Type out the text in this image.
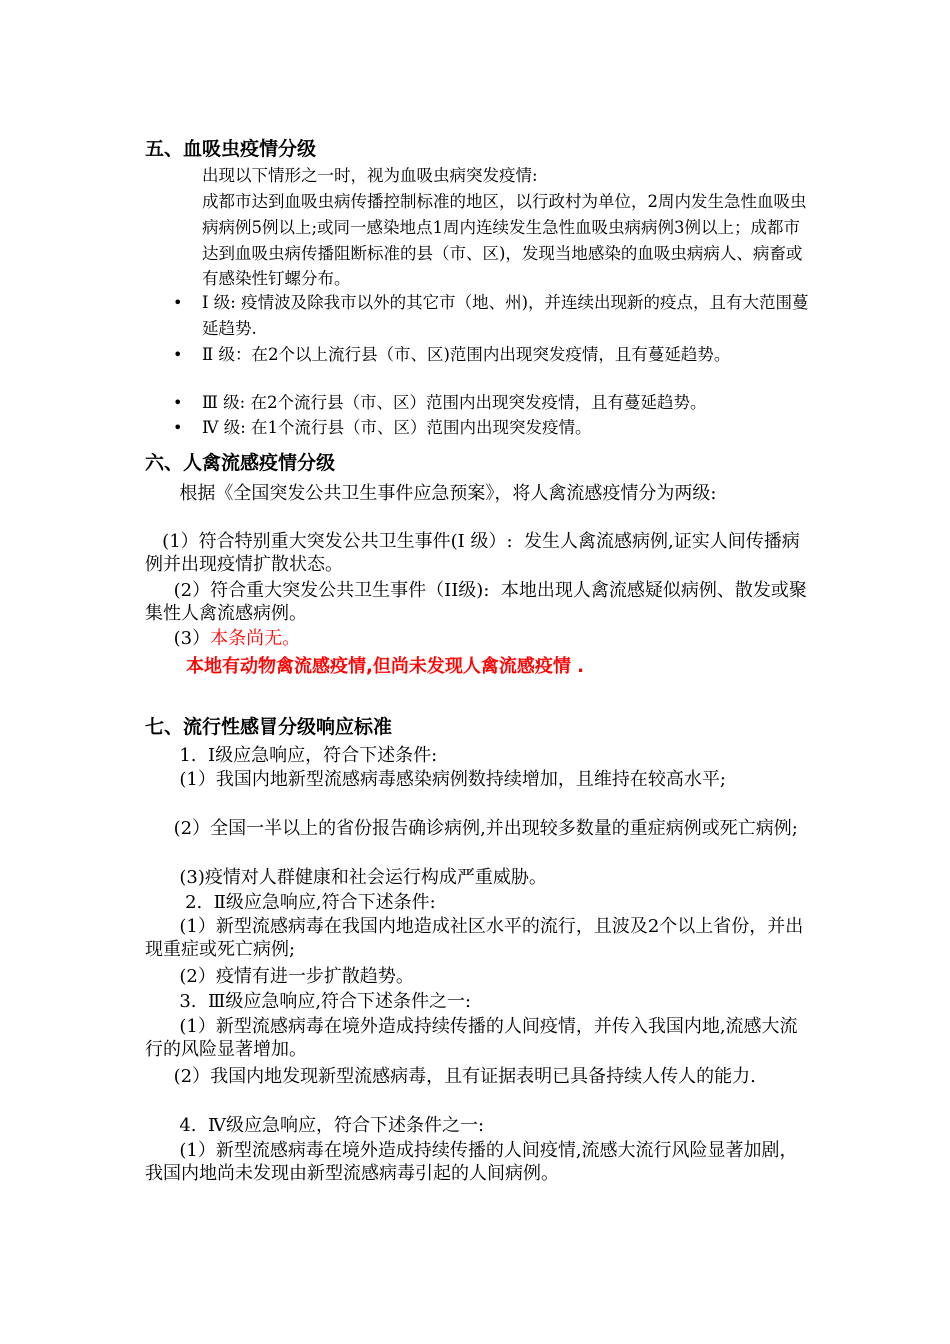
五、血吸虫疫情分级
出现以下情形之一时，视为血吸虫病突发疫情:
成都市达到血吸虫病传播控制标准的地区，以行政村为单位，2周内发生急性血吸虫病病例5例以上;或同一感染地点1周内连续发生急性血吸虫病病例3例以上；成都市达到血吸虫病传播阻断标准的县（市、区)，发现当地感染的血吸虫病病人、病畜或有感染性钉螺分布。
• Ⅰ 级: 疫情波及除我市以外的其它市（地、州)，并连续出现新的疫点，且有大范围蔓延趋势.
• Ⅱ 级：在2个以上流行县（市、区)范围内出现突发疫情，且有蔓延趋势。
• Ⅲ 级: 在2个流行县（市、区）范围内出现突发疫情，且有蔓延趋势。
• Ⅳ 级: 在1个流行县（市、区）范围内出现突发疫情。
六、人禽流感疫情分级
根据《全国突发公共卫生事件应急预案》，将人禽流感疫情分为两级:
(1）符合特别重大突发公共卫生事件(Ⅰ 级）:  发生人禽流感病例,证实人间传播病例并出现疫情扩散状态。
(2）符合重大突发公共卫生事件（II级):  本地出现人禽流感疑似病例、散发或聚集性人禽流感病例。
(3）本条尚无。
本地有动物禽流感疫情,但尚未发现人禽流感疫情 .
七、流行性感冒分级响应标准
1.  Ⅰ级应急响应，符合下述条件:
(1）我国内地新型流感病毒感染病例数持续增加，且维持在较高水平;
(2）全国一半以上的省份报告确诊病例,并出现较多数量的重症病例或死亡病例;
(3)疫情对人群健康和社会运行构成严重威胁。
2.  Ⅱ级应急响应,符合下述条件:
(1）新型流感病毒在我国内地造成社区水平的流行，且波及2个以上省份，并出现重症或死亡病例;
(2）疫情有进一步扩散趋势。
3.  Ⅲ级应急响应,符合下述条件之一:
(1）新型流感病毒在境外造成持续传播的人间疫情，并传入我国内地,流感大流行的风险显著增加。
(2）我国内地发现新型流感病毒，且有证据表明已具备持续人传人的能力.
4.  Ⅳ级应急响应，符合下述条件之一:
(1）新型流感病毒在境外造成持续传播的人间疫情,流感大流行风险显著加剧，我国内地尚未发现由新型流感病毒引起的人间病例。
